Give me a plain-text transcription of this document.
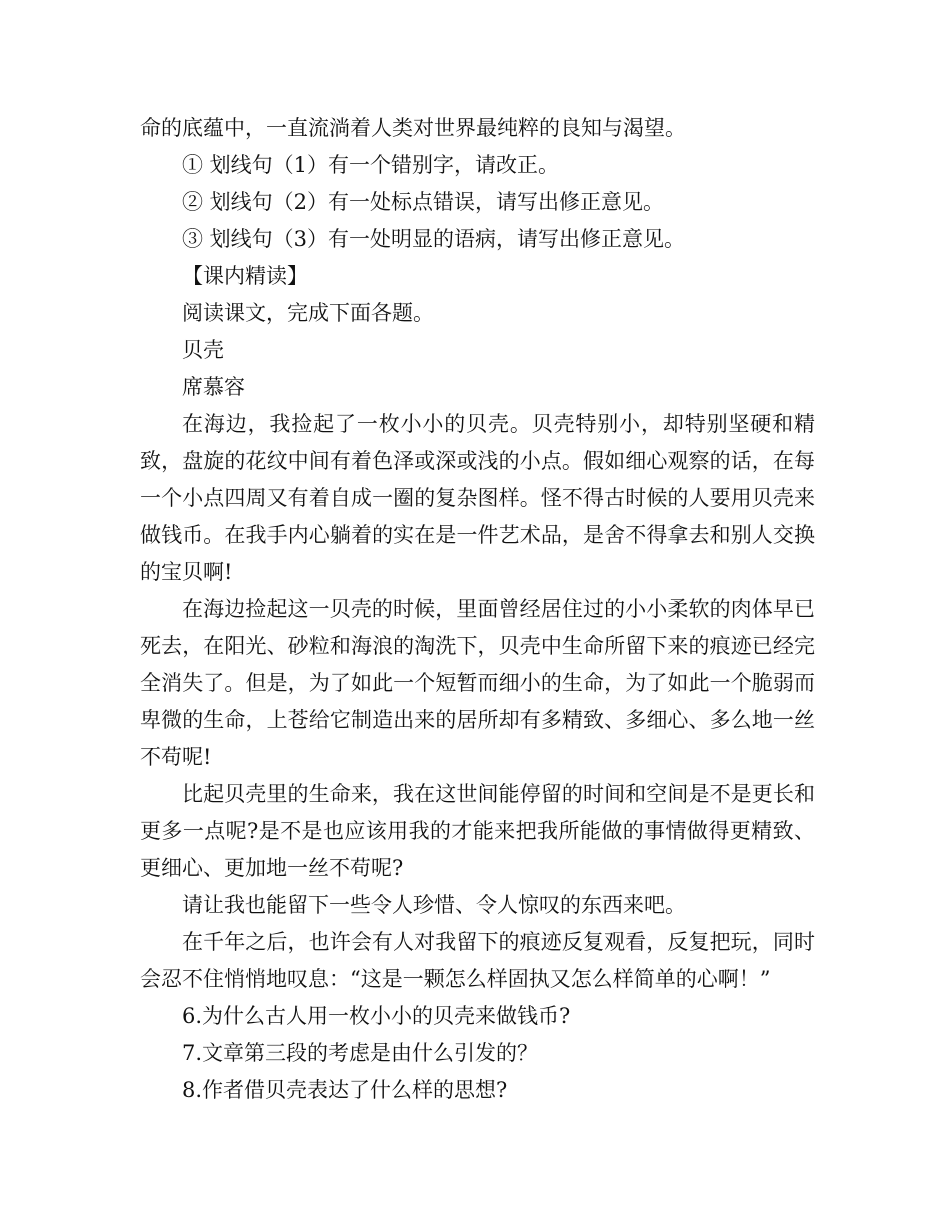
命的底蕴中，一直流淌着人类对世界最纯粹的良知与渴望。

① 划线句（1）有一个错别字，请改正。

② 划线句（2）有一处标点错误，请写出修正意见。

③ 划线句（3）有一处明显的语病，请写出修正意见。

【课内精读】

阅读课文，完成下面各题。

贝壳

席慕容

在海边，我捡起了一枚小小的贝壳。贝壳特别小，却特别坚硬和精致，盘旋的花纹中间有着色泽或深或浅的小点。假如细心观察的话，在每一个小点四周又有着自成一圈的复杂图样。怪不得古时候的人要用贝壳来做钱币。在我手内心躺着的实在是一件艺术品，是舍不得拿去和别人交换的宝贝啊!

在海边捡起这一贝壳的时候，里面曾经居住过的小小柔软的肉体早已死去，在阳光、砂粒和海浪的淘洗下，贝壳中生命所留下来的痕迹已经完全消失了。但是，为了如此一个短暂而细小的生命，为了如此一个脆弱而卑微的生命，上苍给它制造出来的居所却有多精致、多细心、多么地一丝不苟呢!

比起贝壳里的生命来，我在这世间能停留的时间和空间是不是更长和更多一点呢?是不是也应该用我的才能来把我所能做的事情做得更精致、更细心、更加地一丝不苟呢?

请让我也能留下一些令人珍惜、令人惊叹的东西来吧。

在千年之后，也许会有人对我留下的痕迹反复观看，反复把玩，同时会忍不住悄悄地叹息：“这是一颗怎么样固执又怎么样简单的心啊！”

6.为什么古人用一枚小小的贝壳来做钱币?

7.文章第三段的考虑是由什么引发的？

8.作者借贝壳表达了什么样的思想?
